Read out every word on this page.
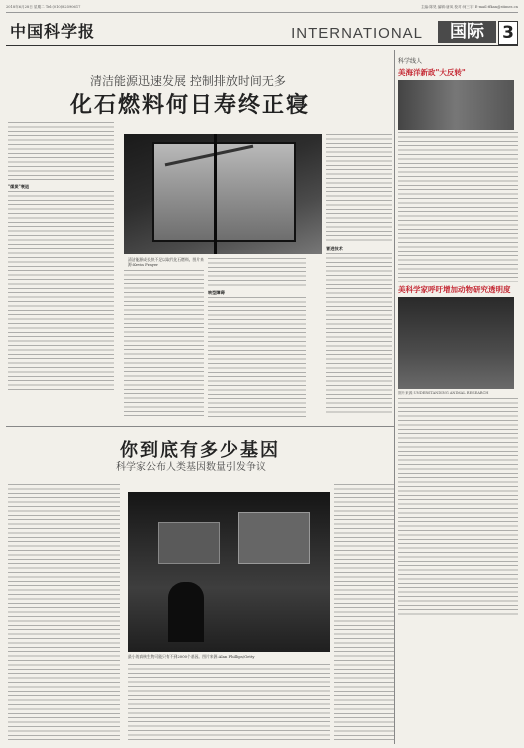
2018年6月28日 星期二 Tel:(010)82590617	主编:陈昊 编辑:唐凤 校对:何三宇 E-mail:tfkan@stimes.cn
中国科学报	INTERNATIONAL	国际	3
清洁能源迅速发展 控制排放时间无多
化石燃料何日寿终正寝
"煤炭"衰退
清洁能源成长快不足以取代化石燃料。图片来源:Kevin Frayer
转型障碍
冒进技术
你到底有多少基因
科学家公布人类基因数量引发争议
最小的真核生物可能只有不到2000个基因。图片来源:Alan Phillips/Getty
科学线人
美海洋新政"大反转"
美科学家呼吁增加动物研究透明度
图片来源:UNDERSTANDING ANIMAL RESEARCH
